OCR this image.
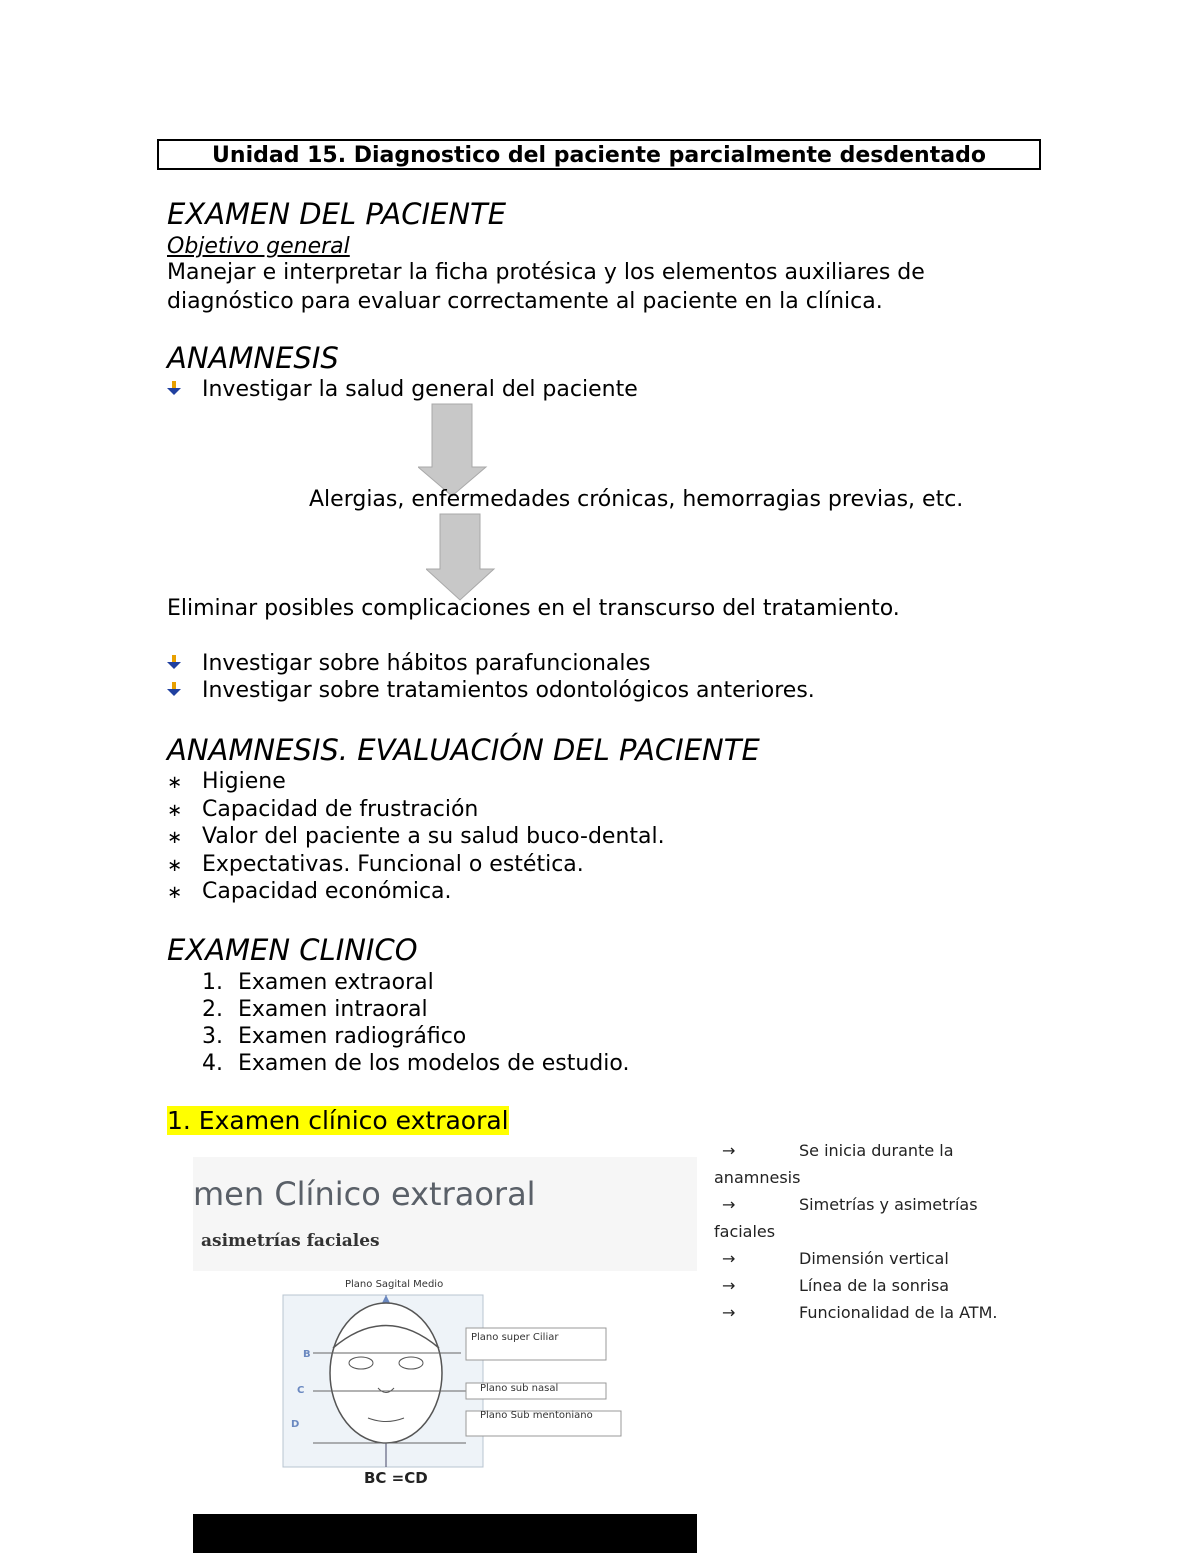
Unidad 15. Diagnostico del paciente parcialmente desdentado
EXAMEN DEL PACIENTE
Objetivo general
Manejar e interpretar la ficha protésica y los elementos auxiliares de
diagnóstico para evaluar correctamente al paciente en la clínica.
ANAMNESIS
Investigar la salud general del paciente
Alergias, enfermedades crónicas, hemorragias previas, etc.
Eliminar posibles complicaciones en el transcurso del tratamiento.
Investigar sobre hábitos parafuncionales
Investigar sobre tratamientos odontológicos anteriores.
ANAMNESIS. EVALUACIÓN DEL PACIENTE
∗ Higiene
∗ Capacidad de frustración
∗ Valor del paciente a su salud buco-dental.
∗ Expectativas. Funcional o estética.
∗ Capacidad económica.
EXAMEN CLINICO
1. Examen extraoral
2. Examen intraoral
3. Examen radiográfico
4. Examen de los modelos de estudio.
1. Examen clínico extraoral
→	Se inicia durante la
anamnesis
→	Simetrías y asimetrías
faciales
→	Dimensión vertical
→	Línea de la sonrisa
→	Funcionalidad de la ATM.
men Clínico extraoral
asimetrías faciales
Plano Sagital Medio
Plano super Ciliar
Plano sub nasal
Plano Sub mentoniano
B
C
D
BC =CD
